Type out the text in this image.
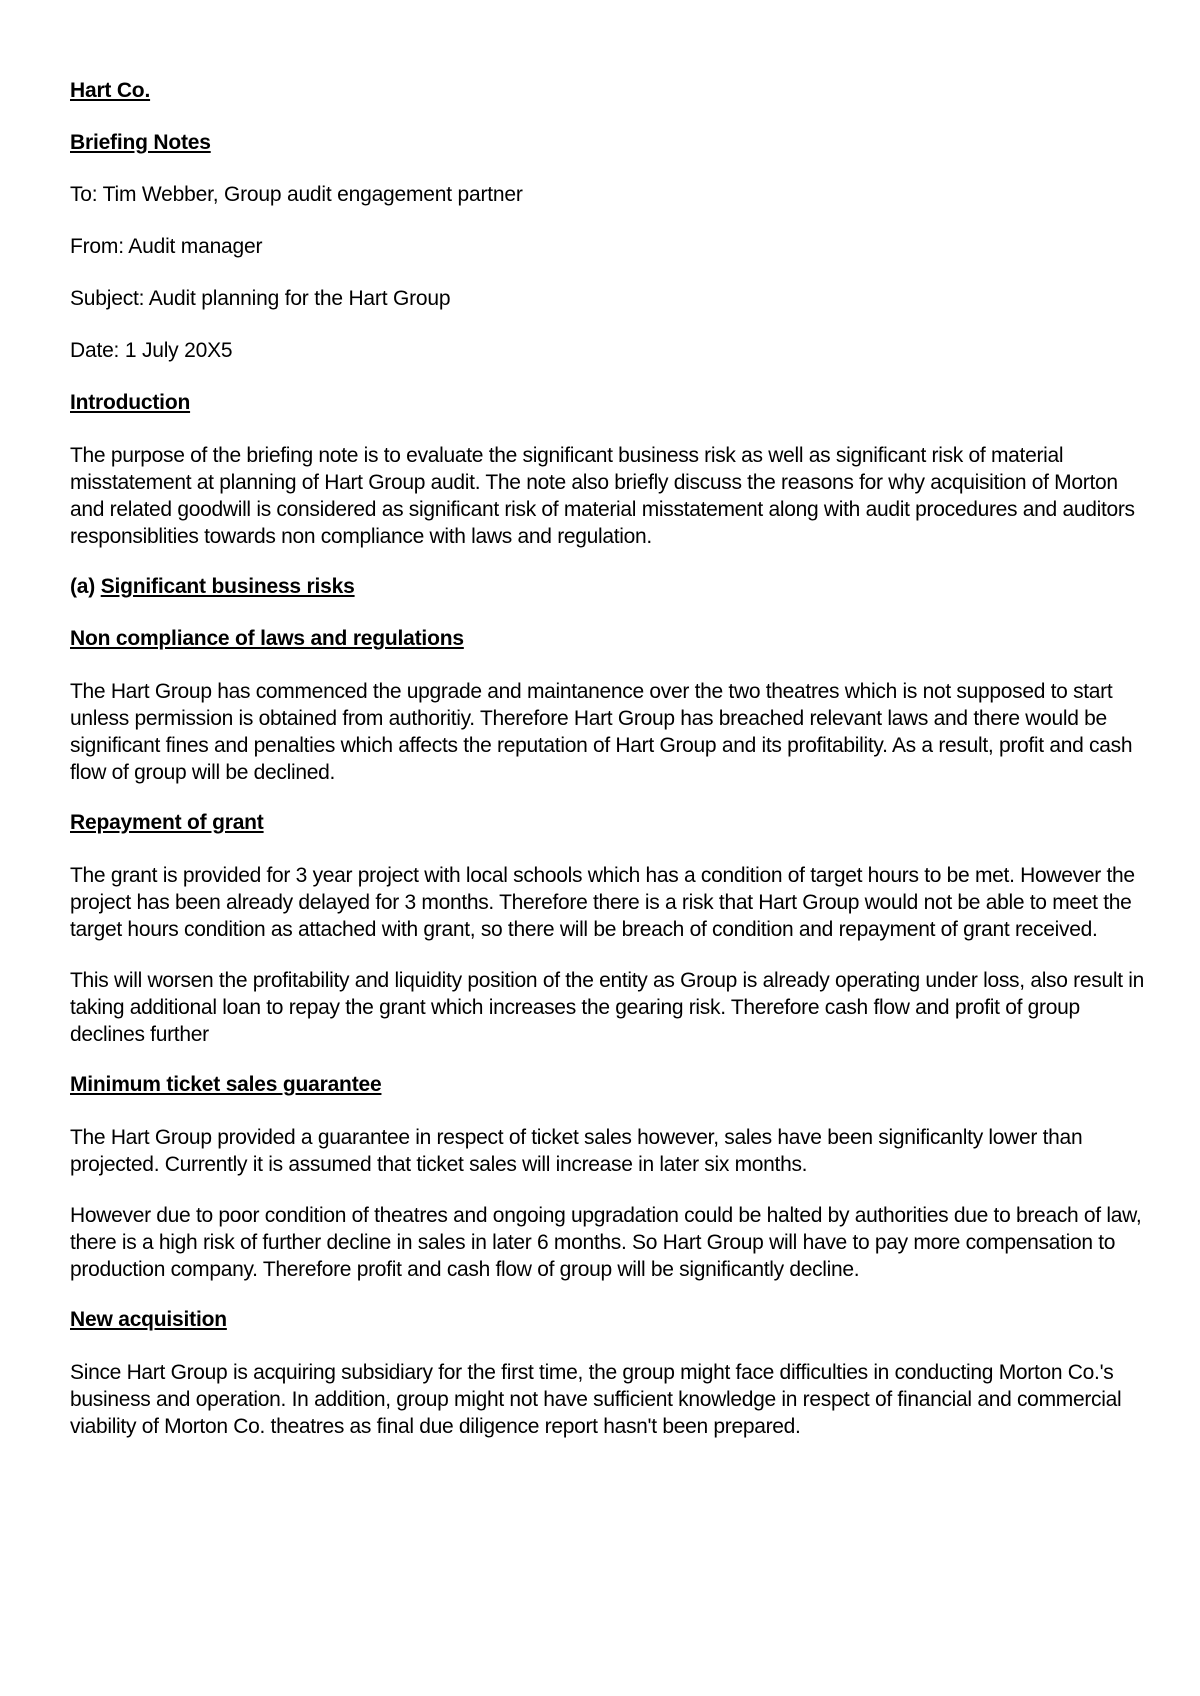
Hart Co.
Briefing Notes
To: Tim Webber, Group audit engagement partner
From: Audit manager
Subject: Audit planning for the Hart Group
Date: 1 July 20X5
Introduction

The purpose of the briefing note is to evaluate the significant business risk as well as significant risk of material misstatement at planning of Hart Group audit. The note also briefly discuss the reasons for why acquisition of Morton and related goodwill is considered as significant risk of material misstatement along with audit procedures and auditors responsiblities towards non compliance with laws and regulation.

(a) Significant business risks
Non compliance of laws and regulations

The Hart Group has commenced the upgrade and maintanence over the two theatres which is not supposed to start unless permission is obtained from authoritiy. Therefore Hart Group has breached relevant laws and there would be significant fines and penalties which affects the reputation of Hart Group and its profitability. As a result, profit and cash flow of group will be declined.

Repayment of grant

The grant is provided for 3 year project with local schools which has a condition of target hours to be met. However the project has been already delayed for 3 months. Therefore there is a risk that Hart Group would not be able to meet the target hours condition as attached with grant, so there will be breach of condition and repayment of grant received.

This will worsen the profitability and liquidity position of the entity as Group is already operating under loss, also result in taking additional loan to repay the grant which increases the gearing risk. Therefore cash flow and profit of group declines further

Minimum ticket sales guarantee

The Hart Group provided a guarantee in respect of ticket sales however, sales have been significanlty lower than projected. Currently it is assumed that ticket sales will increase in later six months.

However due to poor condition of theatres and ongoing upgradation could be halted by authorities due to breach of law, there is a high risk of further decline in sales in later 6 months. So Hart Group will have to pay more compensation to production company. Therefore profit and cash flow of group will be significantly decline.

New acquisition

Since Hart Group is acquiring subsidiary for the first time, the group might face difficulties in conducting Morton Co.'s business and operation. In addition, group might not have sufficient knowledge in respect of financial and commercial viability of Morton Co. theatres as final due diligence report hasn't been prepared.
